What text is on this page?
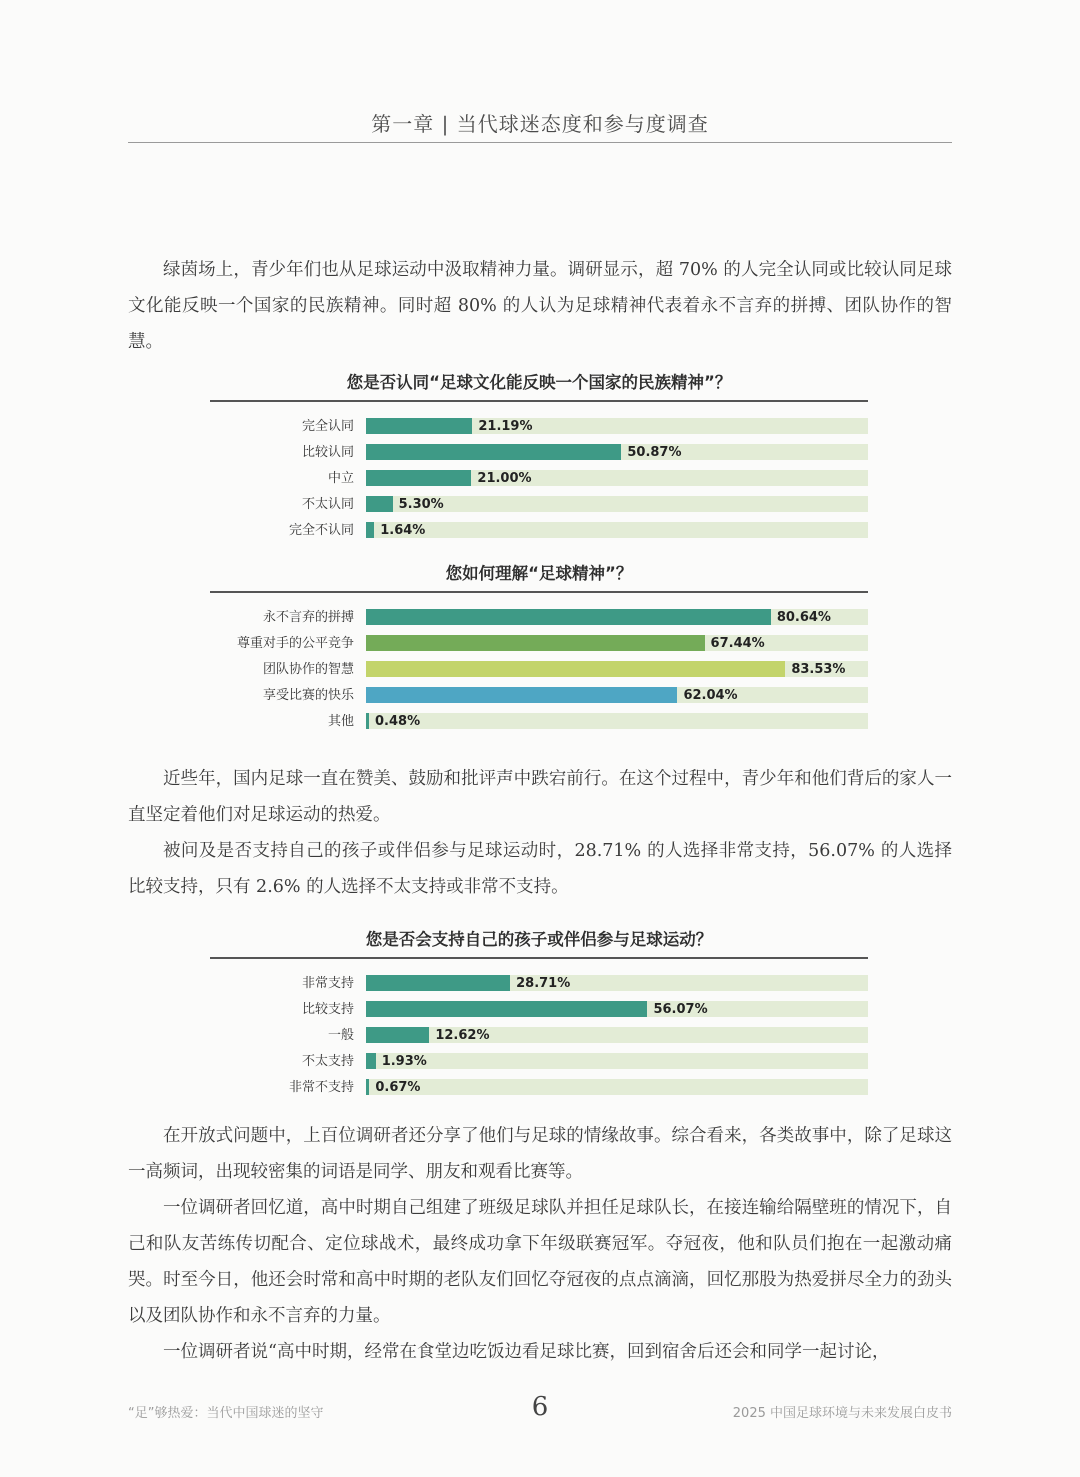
第一章 | 当代球迷态度和参与度调查

绿茵场上，青少年们也从足球运动中汲取精神力量。调研显示，超 70% 的人完全认同或比较认同足球文化能反映一个国家的民族精神。同时超 80% 的人认为足球精神代表着永不言弃的拼搏、团队协作的智慧。

您是否认同“足球文化能反映一个国家的民族精神”？
完全认同	21.19%
比较认同	50.87%
中立	21.00%
不太认同	5.30%
完全不认同 1.64%
您如何理解“足球精神”？
永不言弃的拼搏	80.64%
尊重对手的公平竞争	67.44%
团队协作的智慧	83.53%
享受比赛的快乐	62.04%
其他 0.48%

近些年，国内足球一直在赞美、鼓励和批评声中跌宕前行。在这个过程中，青少年和他们背后的家人一直坚定着他们对足球运动的热爱。

被问及是否支持自己的孩子或伴侣参与足球运动时，28.71% 的人选择非常支持，56.07% 的人选择比较支持，只有 2.6% 的人选择不太支持或非常不支持。

您是否会支持自己的孩子或伴侣参与足球运动？
非常支持	28.71%
比较支持	56.07%
一般	12.62%
不太支持 1.93%
非常不支持 0.67%

在开放式问题中，上百位调研者还分享了他们与足球的情缘故事。综合看来，各类故事中，除了足球这一高频词，出现较密集的词语是同学、朋友和观看比赛等。

一位调研者回忆道，高中时期自己组建了班级足球队并担任足球队长，在接连输给隔壁班的情况下，自己和队友苦练传切配合、定位球战术，最终成功拿下年级联赛冠军。夺冠夜，他和队员们抱在一起激动痛哭。时至今日，他还会时常和高中时期的老队友们回忆夺冠夜的点点滴滴，回忆那股为热爱拼尽全力的劲头以及团队协作和永不言弃的力量。

一位调研者说“高中时期，经常在食堂边吃饭边看足球比赛，回到宿舍后还会和同学一起讨论，

“足”够热爱：当代中国球迷的坚守	6	2025 中国足球环境与未来发展白皮书
